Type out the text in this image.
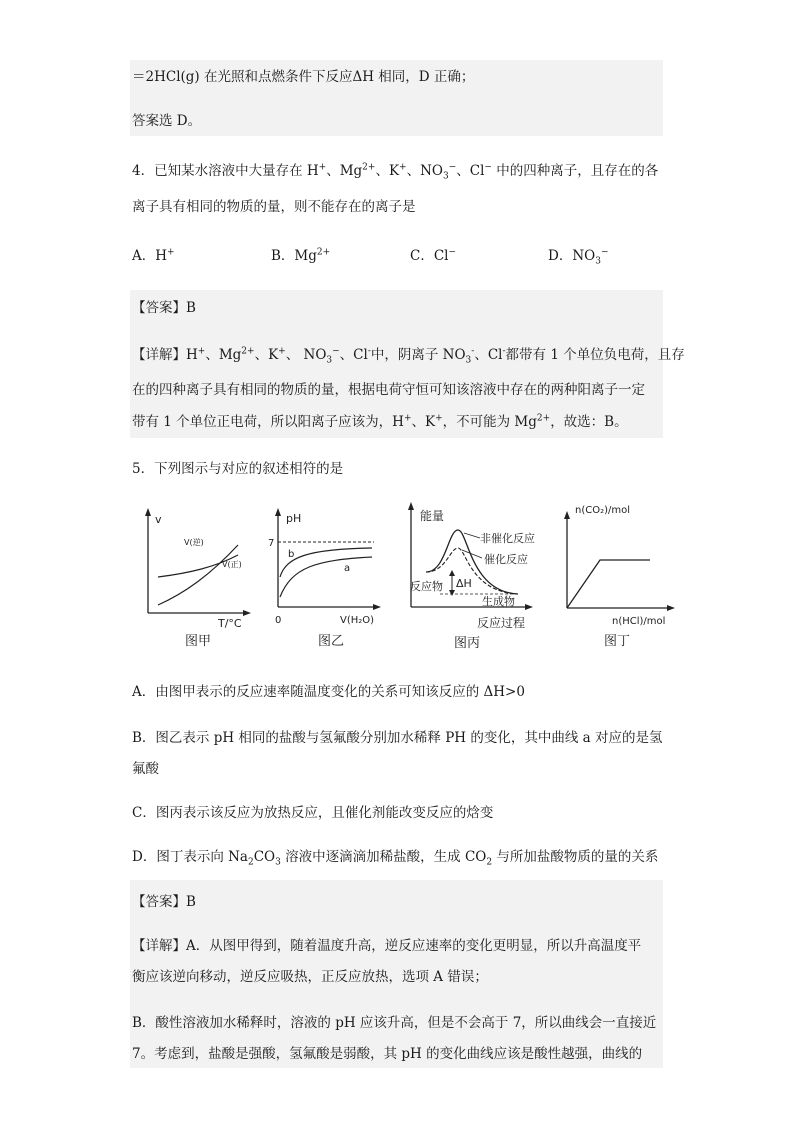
＝2HCl(g) 在光照和点燃条件下反应ΔH 相同，D 正确；
答案选 D。
4．已知某水溶液中大量存在 H+、$Mg^{2+}$、K+、$NO_3^-$、Cl− 中的四种离子，且存在的各
离子具有相同的物质的量，则不能存在的离子是
A．H+	B．$Mg^{2+}$	C．Cl−	D．$NO_3^-$
【答案】B
【详解】H+、$Mg^{2+}$、K+、 $NO_3^-$、Cl-中，阴离子 $NO_3^-$、Cl-都带有 1 个单位负电荷，且存
在的四种离子具有相同的物质的量，根据电荷守恒可知该溶液中存在的两种阳离子一定
带有 1 个单位正电荷，所以阳离子应该为，H+、K+，不可能为 $Mg^{2+}$，故选：B。
5．下列图示与对应的叙述相符的是
v
T/°C
V(逆)
V(正)
图甲
pH
7
b
a
0	V(H₂O)
图乙
能量
非催化反应
催化反应
ΔH
反应物
生成物
反应过程
图丙
n(CO₂)/mol
n(HCl)/mol
图丁
A．由图甲表示的反应速率随温度变化的关系可知该反应的 ΔH>0
B．图乙表示 pH 相同的盐酸与氢氟酸分别加水稀释 PH 的变化，其中曲线 a 对应的是氢
氟酸
C．图丙表示该反应为放热反应，且催化剂能改变反应的焓变
D．图丁表示向 $Na_2CO_3$ 溶液中逐滴滴加稀盐酸，生成 $CO_2$ 与所加盐酸物质的量的关系
【答案】B
【详解】A．从图甲得到，随着温度升高，逆反应速率的变化更明显，所以升高温度平
衡应该逆向移动，逆反应吸热，正反应放热，选项 A 错误；
B．酸性溶液加水稀释时，溶液的 pH 应该升高，但是不会高于 7，所以曲线会一直接近
7。考虑到，盐酸是强酸，氢氟酸是弱酸，其 pH 的变化曲线应该是酸性越强，曲线的
